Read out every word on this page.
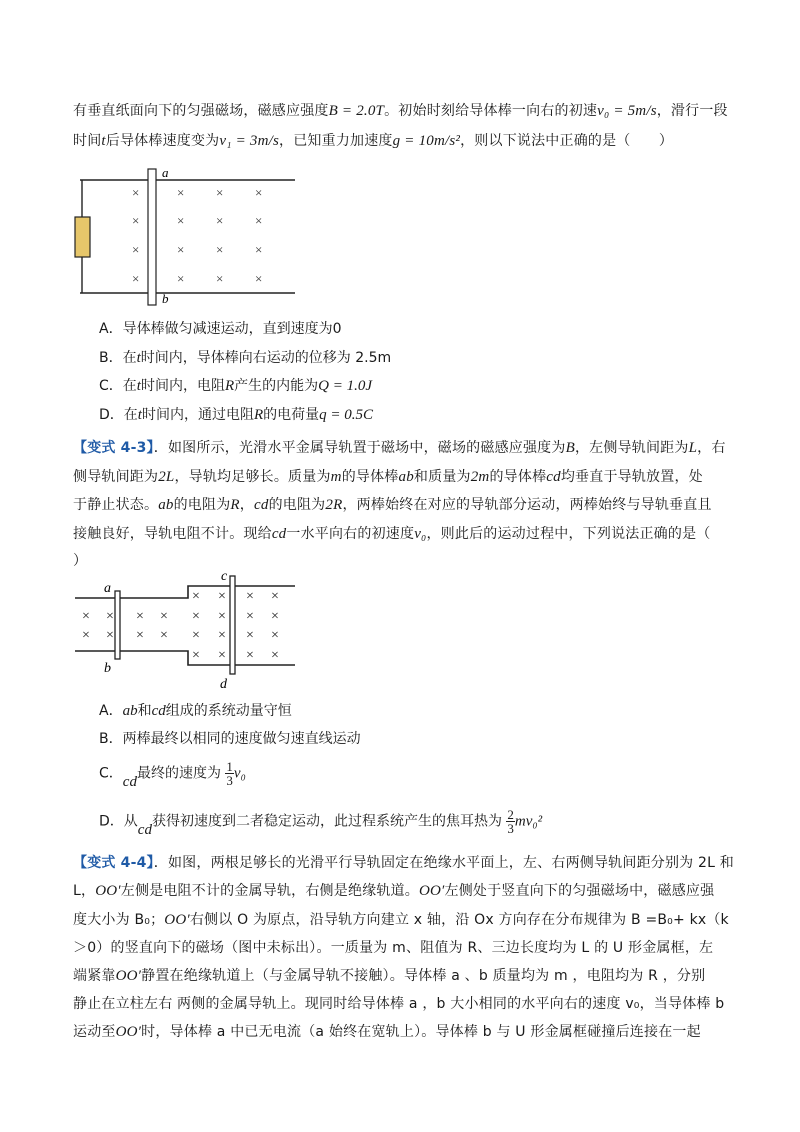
有垂直纸面向下的匀强磁场，磁感应强度B = 2.0T。初始时刻给导体棒一向右的初速v₀ = 5m/s，滑行一段
时间t后导体棒速度变为v₁ = 3m/s，已知重力加速度g = 10m/s²，则以下说法中正确的是（　　）
a
b
×
×
×
×
× × ×
× × ×
× × ×
× × ×
A．导体棒做匀减速运动，直到速度为0
B．在t时间内，导体棒向右运动的位移为 2.5m
C．在t时间内，电阻R产生的内能为Q = 1.0J
D．在t时间内，通过电阻R的电荷量q = 0.5C
【变式 4-3】．如图所示，光滑水平金属导轨置于磁场中，磁场的磁感应强度为B，左侧导轨间距为L，右
侧导轨间距为2L，导轨均足够长。质量为m的导体棒ab和质量为2m的导体棒cd均垂直于导轨放置，处
于静止状态。ab的电阻为R，cd的电阻为2R，两棒始终在对应的导轨部分运动，两棒始终与导轨垂直且
接触良好，导轨电阻不计。现给cd一水平向右的初速度v₀，则此后的运动过程中，下列说法正确的是（
）
a
b
c
d
× × × ×
× × × ×
× × × ×
× × × ×
× × × ×
× × × ×
A．ab和cd组成的系统动量守恒
B．两棒最终以相同的速度做匀速直线运动
C．cd最终的速度为 $\frac{1}{3} v_0$
D．从cd获得初速度到二者稳定运动，此过程系统产生的焦耳热为 $\frac{2}{3} mv_0^2$
【变式 4-4】．如图，两根足够长的光滑平行导轨固定在绝缘水平面上，左、右两侧导轨间距分别为 2L 和
L，OO′左侧是电阻不计的金属导轨，右侧是绝缘轨道。OO′左侧处于竖直向下的匀强磁场中，磁感应强
度大小为 B₀；OO′右侧以 O 为原点，沿导轨方向建立 x 轴，沿 Ox 方向存在分布规律为 B =B₀+ kx（k
＞0）的竖直向下的磁场（图中未标出）。一质量为 m、阻值为 R、三边长度均为 L 的 U 形金属框，左
端紧靠OO′静置在绝缘轨道上（与金属导轨不接触）。导体棒 a 、b 质量均为 m ，电阻均为 R ，分别
静止在立柱左右 两侧的金属导轨上。现同时给导体棒 a ，b 大小相同的水平向右的速度 v₀，当导体棒 b
运动至OO′时，导体棒 a 中已无电流（a 始终在宽轨上）。导体棒 b 与 U 形金属框碰撞后连接在一起
